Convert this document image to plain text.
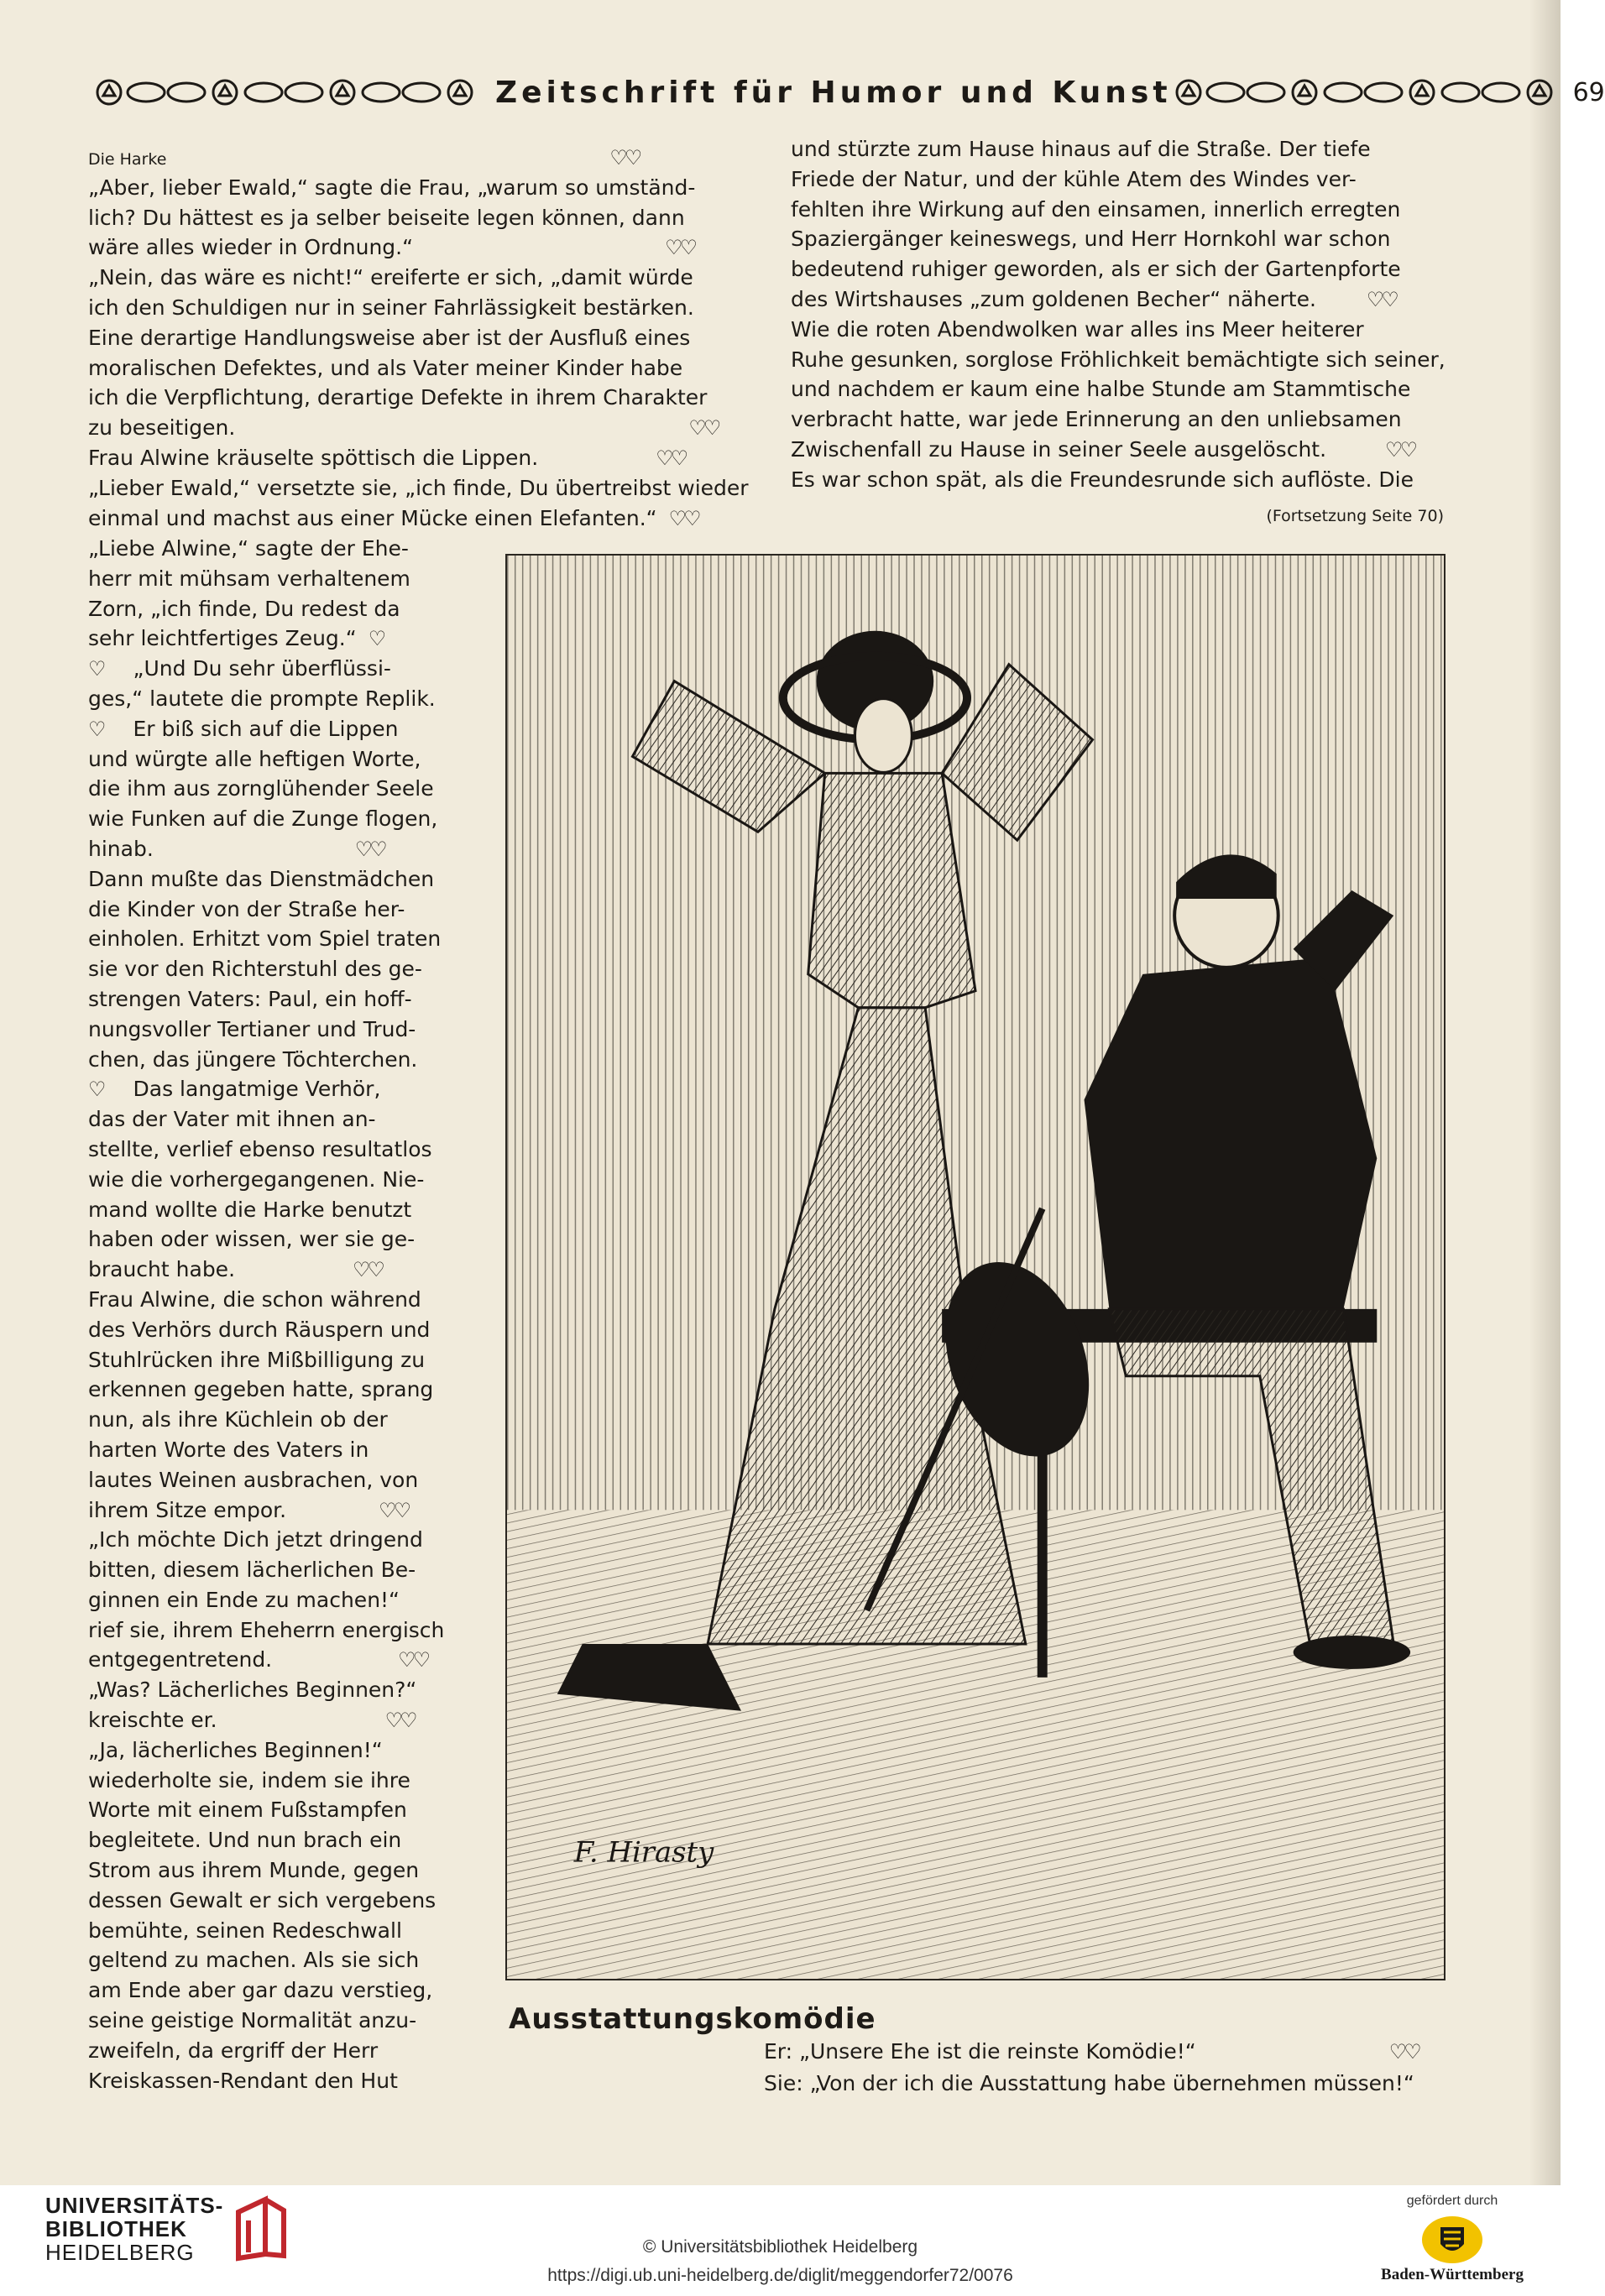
Zeitschrift für Humor und Kunst	69
Die Harke	♡♡
„Aber, lieber Ewald,“ sagte die Frau, „warum so umständ-
lich? Du hättest es ja selber beiseite legen können, dann
wäre alles wieder in Ordnung.“	♡♡
„Nein, das wäre es nicht!“ ereiferte er sich, „damit würde
ich den Schuldigen nur in seiner Fahrlässigkeit bestärken.
Eine derartige Handlungsweise aber ist der Ausfluß eines
moralischen Defektes, und als Vater meiner Kinder habe
ich die Verpflichtung, derartige Defekte in ihrem Charakter
zu beseitigen.	♡♡
Frau Alwine kräuselte spöttisch die Lippen.	♡♡
„Lieber Ewald,“ versetzte sie, „ich finde, Du übertreibst wieder
einmal und machst aus einer Mücke einen Elefanten.“ ♡♡
„Liebe Alwine,“ sagte der Ehe-
herr mit mühsam verhaltenem
Zorn, „ich finde, Du redest da
sehr leichtfertiges Zeug.“ ♡
♡ „Und Du sehr überflüssi-
ges,“ lautete die prompte Replik.
♡ Er biß sich auf die Lippen
und würgte alle heftigen Worte,
die ihm aus zornglühender Seele
wie Funken auf die Zunge flogen,
hinab.	♡♡
Dann mußte das Dienstmädchen
die Kinder von der Straße her-
einholen. Erhitzt vom Spiel traten
sie vor den Richterstuhl des ge-
strengen Vaters: Paul, ein hoff-
nungsvoller Tertianer und Trud-
chen, das jüngere Töchterchen.
♡ Das langatmige Verhör,
das der Vater mit ihnen an-
stellte, verlief ebenso resultatlos
wie die vorhergegangenen. Nie-
mand wollte die Harke benutzt
haben oder wissen, wer sie ge-
braucht habe.	♡♡
Frau Alwine, die schon während
des Verhörs durch Räuspern und
Stuhlrücken ihre Mißbilligung zu
erkennen gegeben hatte, sprang
nun, als ihre Küchlein ob der
harten Worte des Vaters in
lautes Weinen ausbrachen, von
ihrem Sitze empor.	♡♡
„Ich möchte Dich jetzt dringend
bitten, diesem lächerlichen Be-
ginnen ein Ende zu machen!“
rief sie, ihrem Eheherrn energisch
entgegentretend.	♡♡
„Was? Lächerliches Beginnen?“
kreischte er.	♡♡
„Ja, lächerliches Beginnen!“
wiederholte sie, indem sie ihre
Worte mit einem Fußstampfen
begleitete. Und nun brach ein
Strom aus ihrem Munde, gegen
dessen Gewalt er sich vergebens
bemühte, seinen Redeschwall
geltend zu machen. Als sie sich
am Ende aber gar dazu verstieg,
seine geistige Normalität anzu-
zweifeln, da ergriff der Herr
Kreiskassen-Rendant den Hut
und stürzte zum Hause hinaus auf die Straße. Der tiefe
Friede der Natur, und der kühle Atem des Windes ver-
fehlten ihre Wirkung auf den einsamen, innerlich erregten
Spaziergänger keineswegs, und Herr Hornkohl war schon
bedeutend ruhiger geworden, als er sich der Gartenpforte
des Wirtshauses „zum goldenen Becher“ näherte.	♡♡
Wie die roten Abendwolken war alles ins Meer heiterer
Ruhe gesunken, sorglose Fröhlichkeit bemächtigte sich seiner,
und nachdem er kaum eine halbe Stunde am Stammtische
verbracht hatte, war jede Erinnerung an den unliebsamen
Zwischenfall zu Hause in seiner Seele ausgelöscht.	♡♡
Es war schon spät, als die Freundesrunde sich auflöste. Die
(Fortsetzung Seite 70)
F. Hirasty
Ausstattungskomödie
Er: „Unsere Ehe ist die reinste Komödie!“	♡♡
Sie: „Von der ich die Ausstattung habe übernehmen müssen!“
UNIVERSITÄTS-
BIBLIOTHEK
HEIDELBERG	© Universitätsbibliothek Heidelberg
https://digi.ub.uni-heidelberg.de/diglit/meggendorfer72/0076
gefördert durch
Baden-Württemberg
